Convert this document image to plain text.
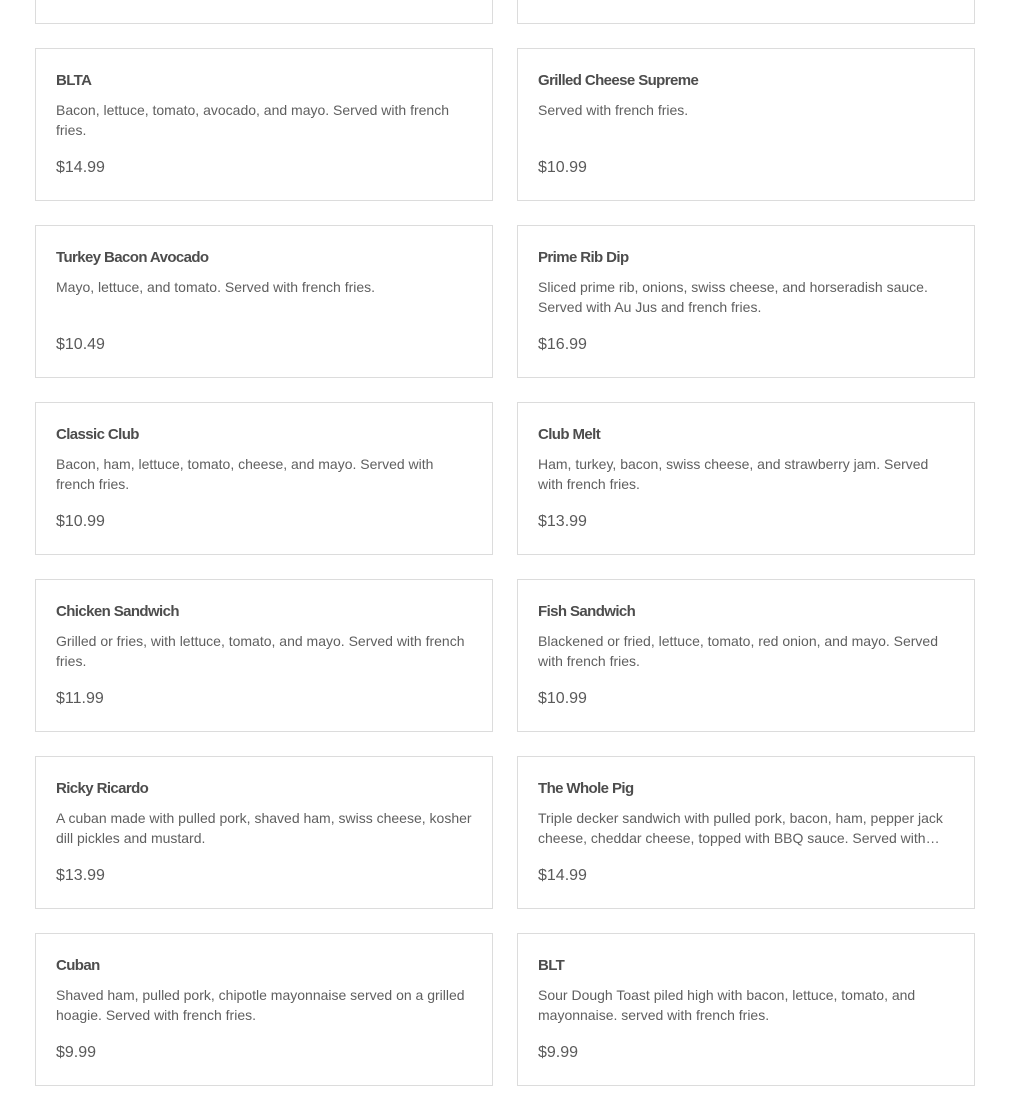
BLTA
Bacon, lettuce, tomato, avocado, and mayo. Served with french fries.
$14.99
Grilled Cheese Supreme
Served with french fries.
$10.99
Turkey Bacon Avocado
Mayo, lettuce, and tomato. Served with french fries.
$10.49
Prime Rib Dip
Sliced prime rib, onions, swiss cheese, and horseradish sauce. Served with Au Jus and french fries.
$16.99
Classic Club
Bacon, ham, lettuce, tomato, cheese, and mayo. Served with french fries.
$10.99
Club Melt
Ham, turkey, bacon, swiss cheese, and strawberry jam. Served with french fries.
$13.99
Chicken Sandwich
Grilled or fries, with lettuce, tomato, and mayo. Served with french fries.
$11.99
Fish Sandwich
Blackened or fried, lettuce, tomato, red onion, and mayo. Served with french fries.
$10.99
Ricky Ricardo
A cuban made with pulled pork, shaved ham, swiss cheese, kosher dill pickles and mustard.
$13.99
The Whole Pig
Triple decker sandwich with pulled pork, bacon, ham, pepper jack cheese, cheddar cheese, topped with BBQ sauce. Served with…
$14.99
Cuban
Shaved ham, pulled pork, chipotle mayonnaise served on a grilled hoagie. Served with french fries.
$9.99
BLT
Sour Dough Toast piled high with bacon, lettuce, tomato, and mayonnaise. served with french fries.
$9.99
